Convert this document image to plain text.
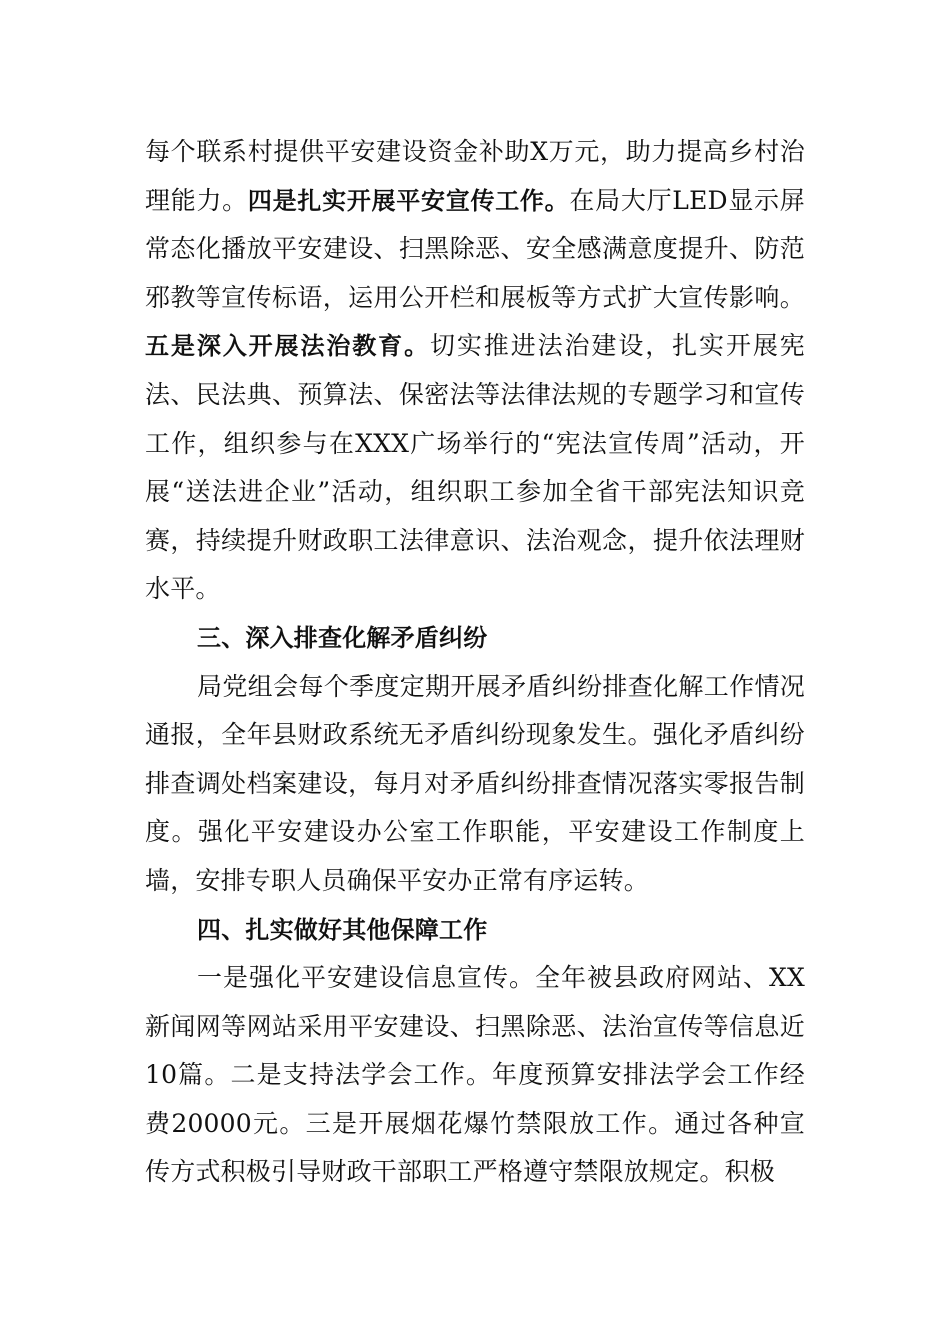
每个联系村提供平安建设资金补助X万元，助力提高乡村治理能力。四是扎实开展平安宣传工作。在局大厅LED显示屏常态化播放平安建设、扫黑除恶、安全感满意度提升、防范邪教等宣传标语，运用公开栏和展板等方式扩大宣传影响。五是深入开展法治教育。切实推进法治建设，扎实开展宪法、民法典、预算法、保密法等法律法规的专题学习和宣传工作，组织参与在XXX广场举行的“宪法宣传周”活动，开展“送法进企业”活动，组织职工参加全省干部宪法知识竞赛，持续提升财政职工法律意识、法治观念，提升依法理财水平。

三、深入排查化解矛盾纠纷

局党组会每个季度定期开展矛盾纠纷排查化解工作情况通报，全年县财政系统无矛盾纠纷现象发生。强化矛盾纠纷排查调处档案建设，每月对矛盾纠纷排查情况落实零报告制度。强化平安建设办公室工作职能，平安建设工作制度上墙，安排专职人员确保平安办正常有序运转。

四、扎实做好其他保障工作

一是强化平安建设信息宣传。全年被县政府网站、XX新闻网等网站采用平安建设、扫黑除恶、法治宣传等信息近10篇。二是支持法学会工作。年度预算安排法学会工作经费20000元。三是开展烟花爆竹禁限放工作。通过各种宣传方式积极引导财政干部职工严格遵守禁限放规定。积极
